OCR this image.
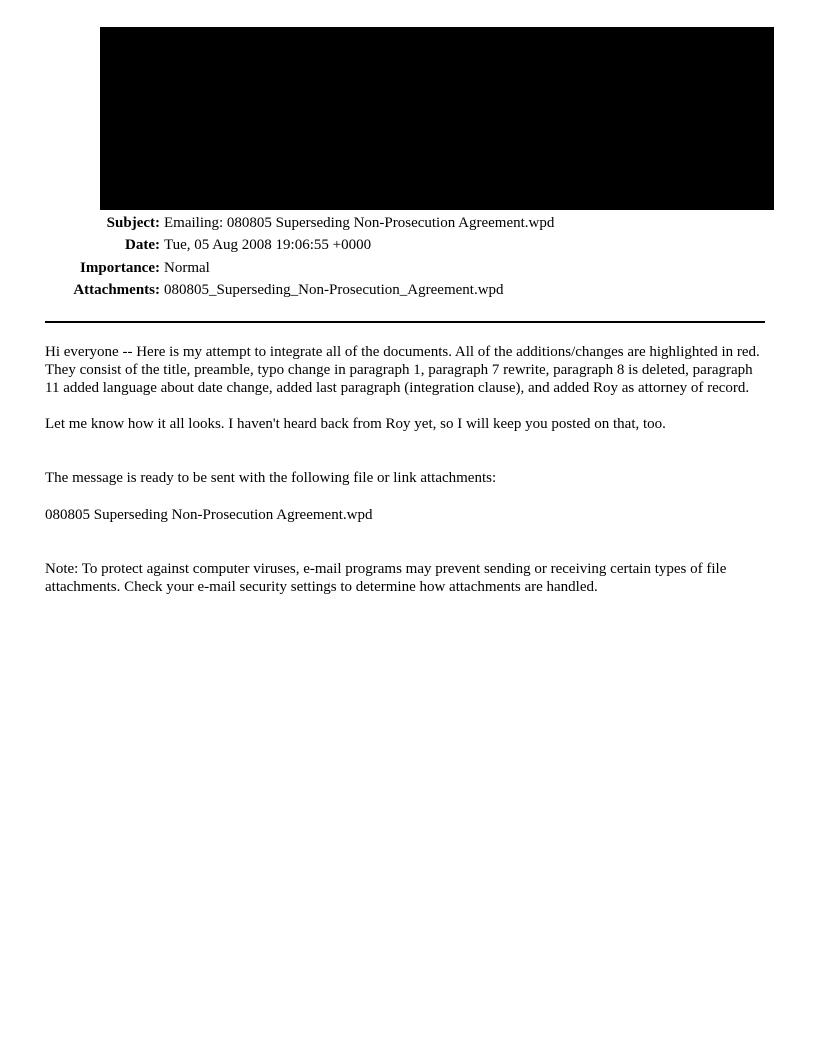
Subject: Emailing: 080805 Superseding Non-Prosecution Agreement.wpd
Date: Tue, 05 Aug 2008 19:06:55 +0000
Importance: Normal
Attachments: 080805_Superseding_Non-Prosecution_Agreement.wpd

Hi everyone -- Here is my attempt to integrate all of the documents. All of the additions/changes are highlighted in red. They consist of the title, preamble, typo change in paragraph 1, paragraph 7 rewrite, paragraph 8 is deleted, paragraph 11 added language about date change, added last paragraph (integration clause), and added Roy as attorney of record.

Let me know how it all looks. I haven't heard back from Roy yet, so I will keep you posted on that, too.

The message is ready to be sent with the following file or link attachments:

080805 Superseding Non-Prosecution Agreement.wpd

Note: To protect against computer viruses, e-mail programs may prevent sending or receiving certain types of file attachments. Check your e-mail security settings to determine how attachments are handled.
